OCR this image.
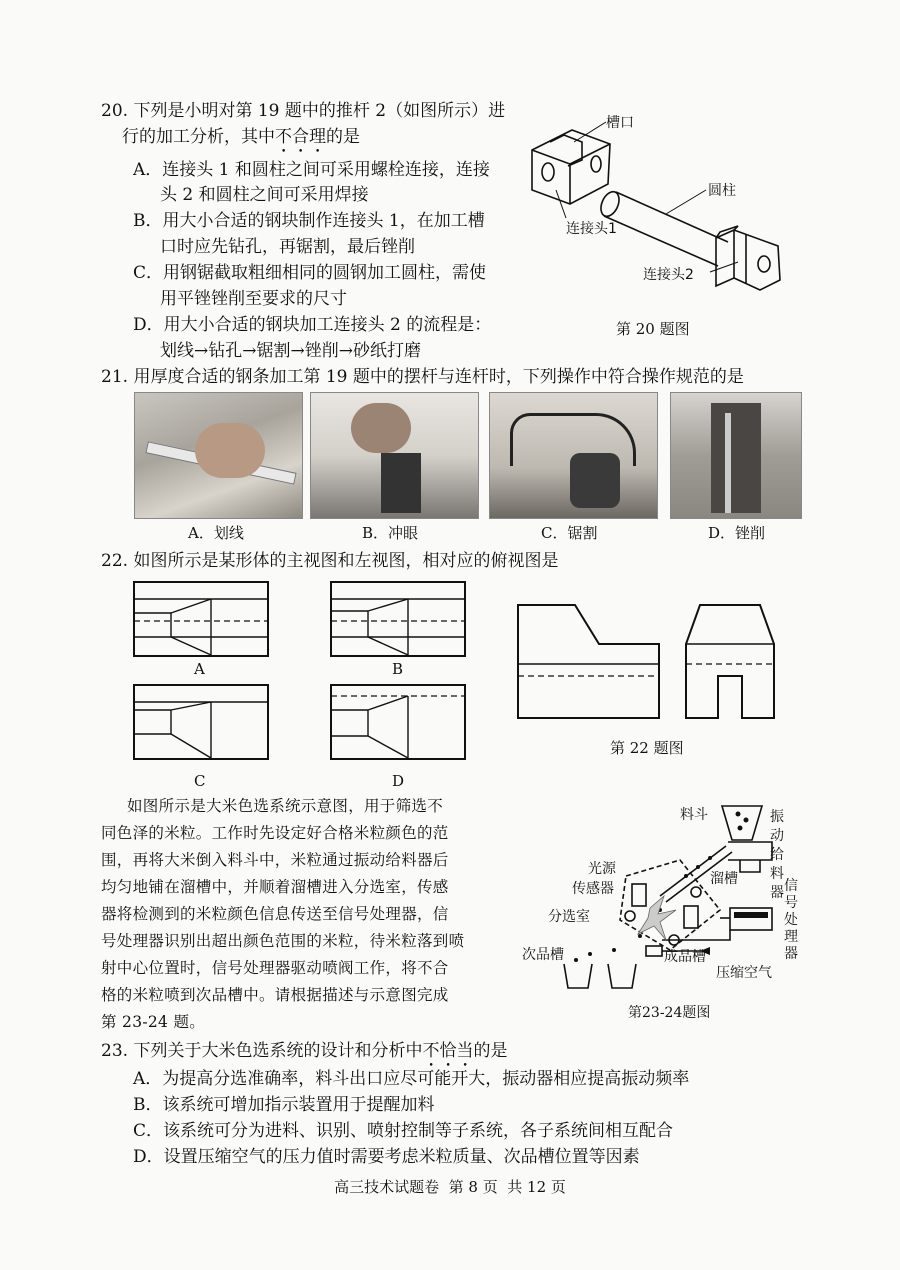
20. 下列是小明对第 19 题中的推杆 2（如图所示）进
行的加工分析，其中不合理的是
A．连接头 1 和圆柱之间可采用螺栓连接，连接
头 2 和圆柱之间可采用焊接
B．用大小合适的钢块制作连接头 1，在加工槽
口时应先钻孔，再锯割，最后锉削
C．用钢锯截取粗细相同的圆钢加工圆柱，需使
用平锉锉削至要求的尺寸
D．用大小合适的钢块加工连接头 2 的流程是：
划线→钻孔→锯割→锉削→砂纸打磨
槽口
圆柱
连接头1
连接头2
第 20 题图
21. 用厚度合适的钢条加工第 19 题中的摆杆与连杆时，下列操作中符合操作规范的是
A．划线	B．冲眼	C．锯割	D．锉削
22. 如图所示是某形体的主视图和左视图，相对应的俯视图是
A	B
C	D
第 22 题图
如图所示是大米色选系统示意图，用于筛选不
同色泽的米粒。工作时先设定好合格米粒颜色的范
围，再将大米倒入料斗中，米粒通过振动给料器后
均匀地铺在溜槽中，并顺着溜槽进入分选室，传感
器将检测到的米粒颜色信息传送至信号处理器，信
号处理器识别出超出颜色范围的米粒，待米粒落到喷
射中心位置时，信号处理器驱动喷阀工作，将不合
格的米粒喷到次品槽中。请根据描述与示意图完成
第 23-24 题。
料斗	振
动
给
料
器
光源
传感器
溜槽	信
号
处
理
器
分选室
次品槽	成品槽
压缩空气
第23-24题图
23. 下列关于大米色选系统的设计和分析中不恰当的是
A．为提高分选准确率，料斗出口应尽可能开大，振动器相应提高振动频率
B．该系统可增加指示装置用于提醒加料
C．该系统可分为进料、识别、喷射控制等子系统，各子系统间相互配合
D．设置压缩空气的压力值时需要考虑米粒质量、次品槽位置等因素
高三技术试题卷  第 8 页  共 12 页
